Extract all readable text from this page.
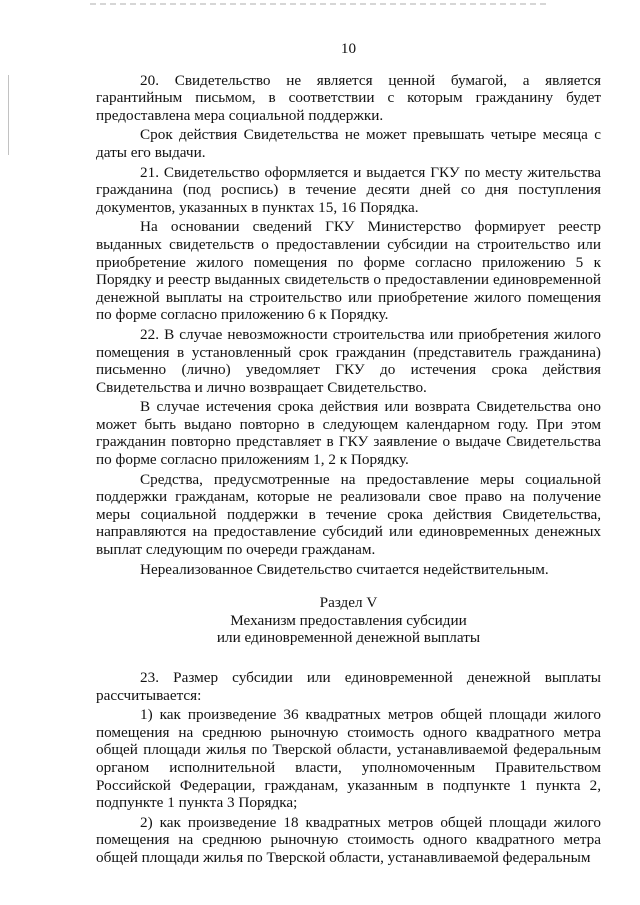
10

20. Свидетельство не является ценной бумагой, а является гарантийным письмом, в соответствии с которым гражданину будет предоставлена мера социальной поддержки.

Срок действия Свидетельства не может превышать четыре месяца с даты его выдачи.

21. Свидетельство оформляется и выдается ГКУ по месту жительства гражданина (под роспись) в течение десяти дней со дня поступления документов, указанных в пунктах 15, 16 Порядка.

На основании сведений ГКУ Министерство формирует реестр выданных свидетельств о предоставлении субсидии на строительство или приобретение жилого помещения по форме согласно приложению 5 к Порядку и реестр выданных свидетельств о предоставлении единовременной денежной выплаты на строительство или приобретение жилого помещения по форме согласно приложению 6 к Порядку.

22. В случае невозможности строительства или приобретения жилого помещения в установленный срок гражданин (представитель гражданина) письменно (лично) уведомляет ГКУ до истечения срока действия Свидетельства и лично возвращает Свидетельство.

В случае истечения срока действия или возврата Свидетельства оно может быть выдано повторно в следующем календарном году. При этом гражданин повторно представляет в ГКУ заявление о выдаче Свидетельства по форме согласно приложениям 1, 2 к Порядку.

Средства, предусмотренные на предоставление меры социальной поддержки гражданам, которые не реализовали свое право на получение меры социальной поддержки в течение срока действия Свидетельства, направляются на предоставление субсидий или единовременных денежных выплат следующим по очереди гражданам.

Нереализованное Свидетельство считается недействительным.

Раздел V

Механизм предоставления субсидии

или единовременной денежной выплаты

23. Размер субсидии или единовременной денежной выплаты рассчитывается:

1) как произведение 36 квадратных метров общей площади жилого помещения на среднюю рыночную стоимость одного квадратного метра общей площади жилья по Тверской области, устанавливаемой федеральным органом исполнительной власти, уполномоченным Правительством Российской Федерации, гражданам, указанным в подпункте 1 пункта 2, подпункте 1 пункта 3 Порядка;

2) как произведение 18 квадратных метров общей площади жилого помещения на среднюю рыночную стоимость одного квадратного метра общей площади жилья по Тверской области, устанавливаемой федеральным
